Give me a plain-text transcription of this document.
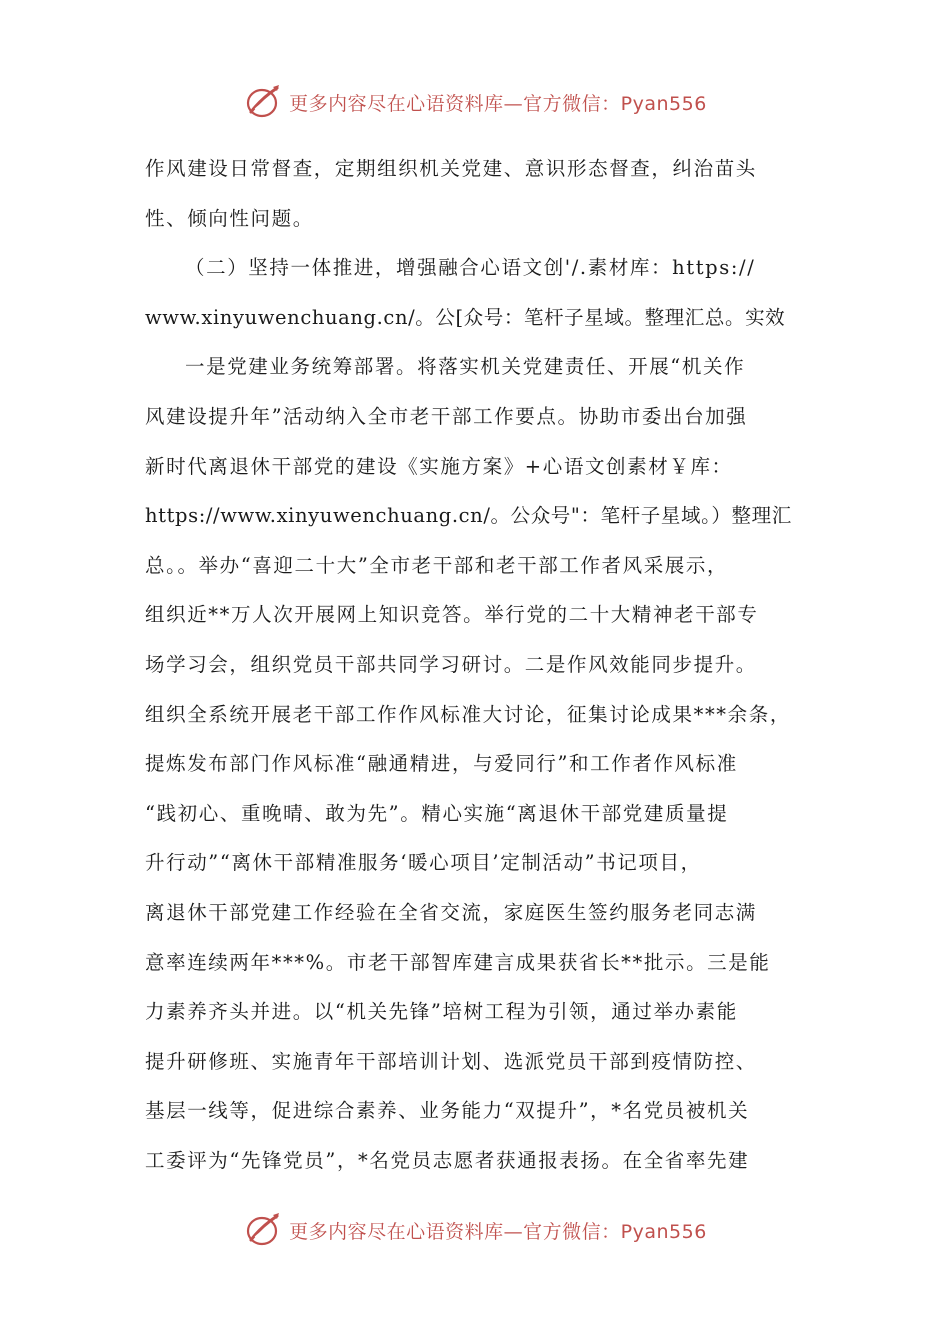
更多内容尽在心语资料库—官方微信：Pyan556
作风建设日常督查，定期组织机关党建、意识形态督查，纠治苗头
性、倾向性问题。
（二）坚持一体推进，增强融合心语文创'/.素材库：https://
www.xinyuwenchuang.cn/。公[众号：笔杆子星域。整理汇总。实效
一是党建业务统筹部署。将落实机关党建责任、开展“机关作
风建设提升年”活动纳入全市老干部工作要点。协助市委出台加强
新时代离退休干部党的建设《实施方案》+心语文创素材￥库：
https://www.xinyuwenchuang.cn/。公众号"：笔杆子星域。）整理汇
总。。举办“喜迎二十大”全市老干部和老干部工作者风采展示，
组织近**万人次开展网上知识竞答。举行党的二十大精神老干部专
场学习会，组织党员干部共同学习研讨。二是作风效能同步提升。
组织全系统开展老干部工作作风标准大讨论，征集讨论成果***余条，
提炼发布部门作风标准“融通精进，与爱同行”和工作者作风标准
“践初心、重晚晴、敢为先”。精心实施“离退休干部党建质量提
升行动”“离休干部精准服务‘暖心项目’定制活动”书记项目，
离退休干部党建工作经验在全省交流，家庭医生签约服务老同志满
意率连续两年***%。市老干部智库建言成果获省长**批示。三是能
力素养齐头并进。以“机关先锋”培树工程为引领，通过举办素能
提升研修班、实施青年干部培训计划、选派党员干部到疫情防控、
基层一线等，促进综合素养、业务能力“双提升”，*名党员被机关
工委评为“先锋党员”，*名党员志愿者获通报表扬。在全省率先建
更多内容尽在心语资料库—官方微信：Pyan556
